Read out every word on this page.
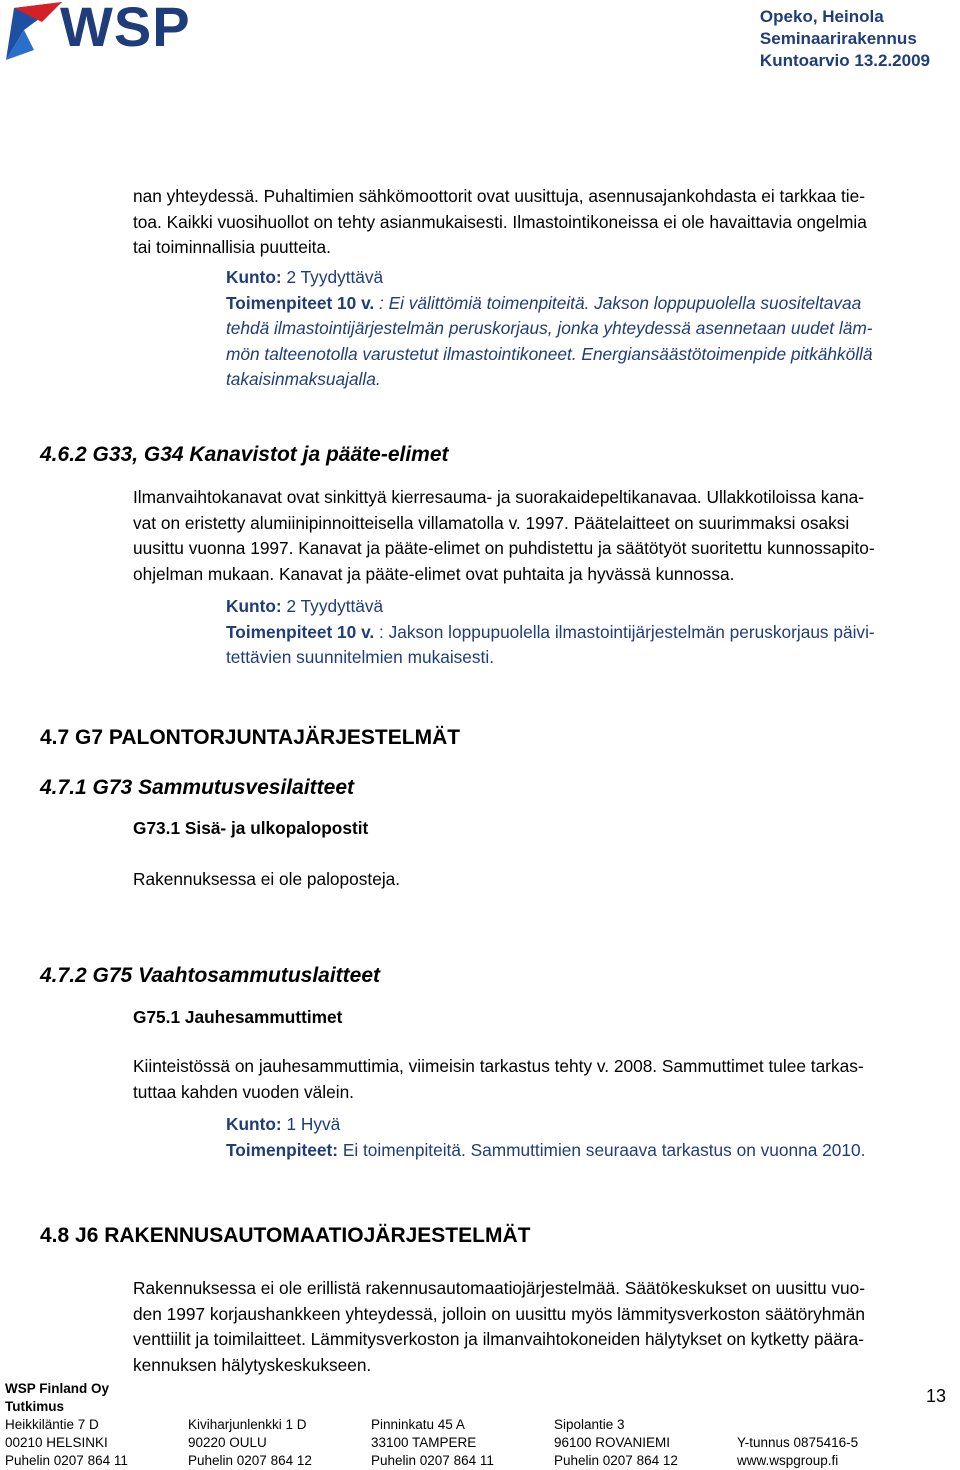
WSP	Opeko, Heinola
Seminaarirakennus
Kuntoarvio 13.2.2009
nan yhteydessä. Puhaltimien sähkömoottorit ovat uusittuja, asennusajankohdasta ei tarkkaa tie-
toa. Kaikki vuosihuollot on tehty asianmukaisesti. Ilmastointikoneissa ei ole havaittavia ongelmia
tai toiminnallisia puutteita.
Kunto: 2 Tyydyttävä
Toimenpiteet 10 v. : Ei välittömiä toimenpiteitä. Jakson loppupuolella suositeltavaa
tehdä ilmastointijärjestelmän peruskorjaus, jonka yhteydessä asennetaan uudet läm-
mön talteenotolla varustetut ilmastointikoneet. Energiansäästötoimenpide pitkähköllä
takaisinmaksuajalla.
4.6.2 G33, G34 Kanavistot ja pääte-elimet
Ilmanvaihtokanavat ovat sinkittyä kierresauma- ja suorakaidepeltikanavaa. Ullakkotiloissa kana-
vat on eristetty alumiinipinnoitteisella villamatolla v. 1997. Päätelaitteet on suurimmaksi osaksi
uusittu vuonna 1997. Kanavat ja pääte-elimet on puhdistettu ja säätötyöt suoritettu kunnossapito-
ohjelman mukaan. Kanavat ja pääte-elimet ovat puhtaita ja hyvässä kunnossa.
Kunto: 2 Tyydyttävä
Toimenpiteet 10 v. : Jakson loppupuolella ilmastointijärjestelmän peruskorjaus päivi-
tettävien suunnitelmien mukaisesti.
4.7 G7 PALONTORJUNTAJÄRJESTELMÄT
4.7.1 G73 Sammutusvesilaitteet
G73.1 Sisä- ja ulkopalopostit
Rakennuksessa ei ole paloposteja.
4.7.2 G75 Vaahtosammutuslaitteet
G75.1 Jauhesammuttimet
Kiinteistössä on jauhesammuttimia, viimeisin tarkastus tehty v. 2008. Sammuttimet tulee tarkas-
tuttaa kahden vuoden välein.
Kunto: 1 Hyvä
Toimenpiteet: Ei toimenpiteitä. Sammuttimien seuraava tarkastus on vuonna 2010.
4.8 J6 RAKENNUSAUTOMAATIOJÄRJESTELMÄT
Rakennuksessa ei ole erillistä rakennusautomaatiojärjestelmää. Säätökeskukset on uusittu vuo-
den 1997 korjaushankkeen yhteydessä, jolloin on uusittu myös lämmitysverkoston säätöryhmän
venttiilit ja toimilaitteet. Lämmitysverkoston ja ilmanvaihtokoneiden hälytykset on kytketty päära-
kennuksen hälytyskeskukseen.
WSP Finland Oy
Tutkimus
13
Heikkiläntie 7 D
00210 HELSINKI
Puhelin 0207 864 11
Kiviharjunlenkki 1 D
90220 OULU
Puhelin 0207 864 12
Pinninkatu 45 A
33100 TAMPERE
Puhelin 0207 864 11
Sipolantie 3
96100 ROVANIEMI
Puhelin 0207 864 12
Y-tunnus 0875416-5
www.wspgroup.fi
